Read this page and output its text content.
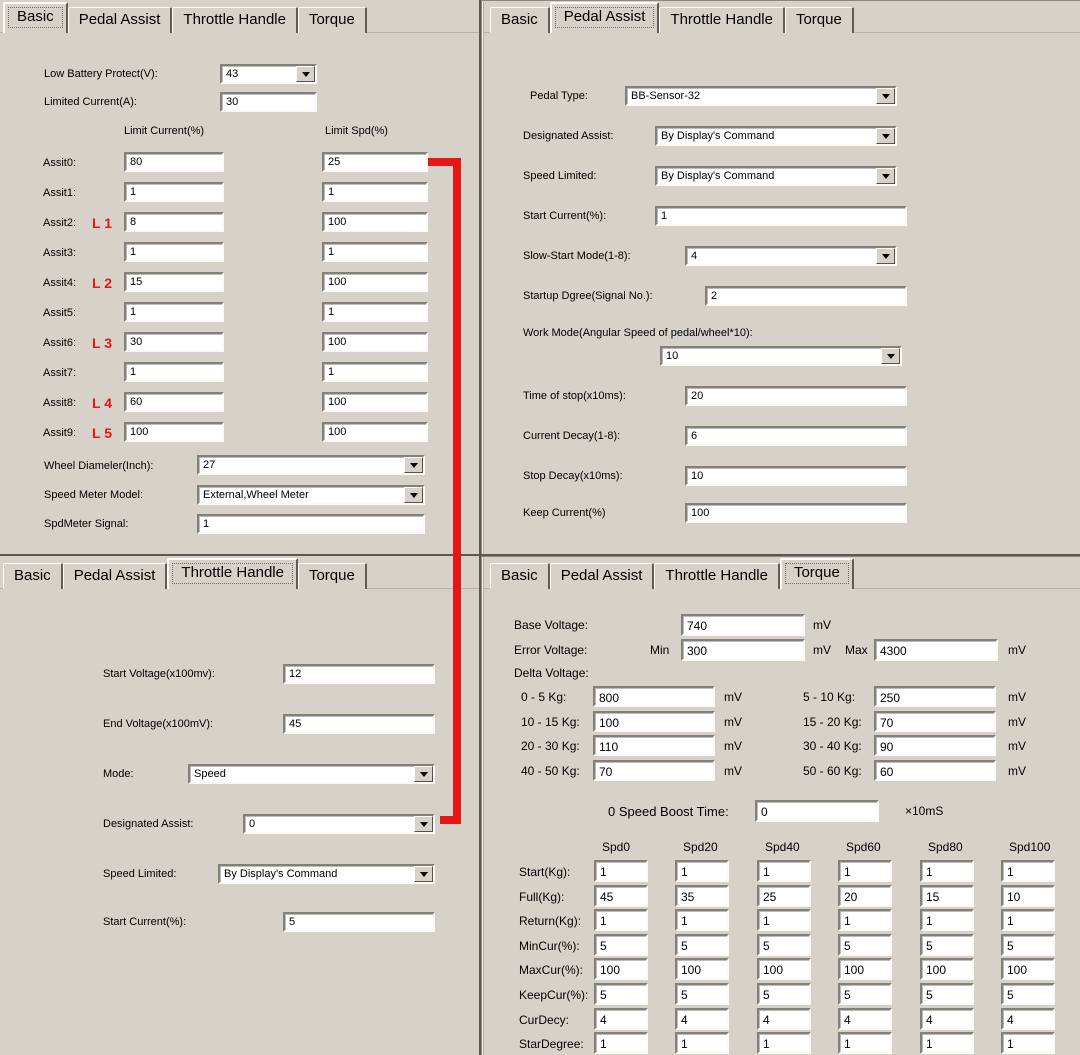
Basic	Pedal Assist	Throttle Handle	Torque
Low Battery Protect(V):	43
Limited Current(A):	30
Limit Current(%)	Limit Spd(%)
Assit0:	80	25
Assit1:	1	1
Assit2: L 1	8	100
Assit3:	1	1
Assit4: L 2	15	100
Assit5:	1	1
Assit6: L 3	30	100
Assit7:	1	1
Assit8: L 4	60	100
Assit9: L 5	100	100
Wheel Diameler(Inch):	27
Speed Meter Model:	External,Wheel Meter
SpdMeter Signal:	1
Basic	Pedal Assist	Throttle Handle	Torque
Pedal Type:	BB-Sensor-32
Designated Assist:	By Display's Command
Speed Limited:	By Display's Command
Start Current(%):	1
Slow-Start Mode(1-8):	4
Startup Dgree(Signal No.):	2
Work Mode(Angular Speed of pedal/wheel*10):
10
Time of stop(x10ms):	20
Current Decay(1-8):	6
Stop Decay(x10ms):	10
Keep Current(%)	100
Basic	Pedal Assist	Throttle Handle	Torque
Start Voltage(x100mv):	12
End Voltage(x100mV):	45
Mode:	Speed
Designated Assist:	0
Speed Limited:	By Display's Command
Start Current(%):	5
Basic	Pedal Assist	Throttle Handle	Torque
Base Voltage:	740	mV
Error Voltage:	Min	300	mV Max	4300	mV
Delta Voltage:
0 - 5 Kg:	800	mV
10 - 15 Kg:	100	mV
20 - 30 Kg:	110	mV
40 - 50 Kg:	70	mV
5 - 10 Kg:	250	mV
15 - 20 Kg:	70	mV
30 - 40 Kg:	90	mV
50 - 60 Kg:	60	mV
0 Speed Boost Time:	0	×10mS
Spd0	Spd20	Spd40	Spd60	Spd80	Spd100
Start(Kg):	1	1	1	1	1	1
Full(Kg):	45	35	25	20	15	10
Return(Kg):	1	1	1	1	1	1
MinCur(%):	5	5	5	5	5	5
MaxCur(%):	100	100	100	100	100	100
KeepCur(%): 5	5	5	5	5	5
CurDecy:	4	4	4	4	4	4
StarDegree:	1	1	1	1	1	1
